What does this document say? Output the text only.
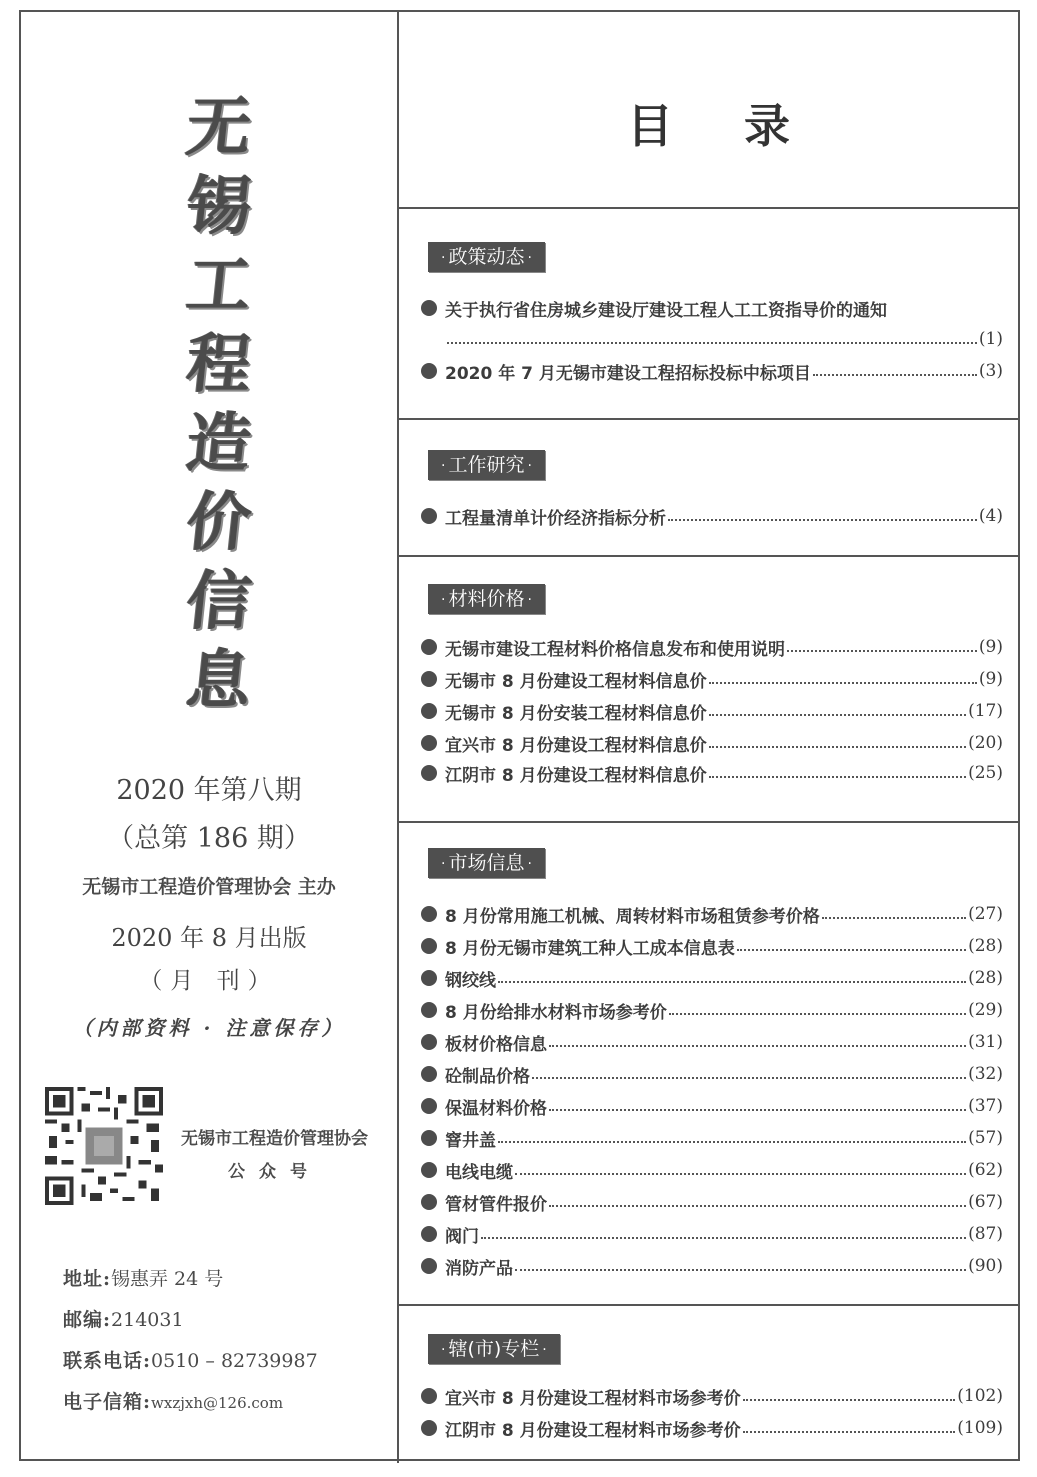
无
锡
工
程
造
价
信
息
2020 年第八期
（总第 186 期）
无锡市工程造价管理协会 主办
2020 年 8 月出版
（月 刊）
（内部资料 · 注意保存）
无锡市工程造价管理协会
公众号
地址:锡惠弄 24 号
邮编:214031
联系电话:0510 – 82739987
电子信箱:wxzjxh@126.com
目 录
· 政策动态 ·
关于执行省住房城乡建设厅建设工程人工工资指导价的通知
(1)
2020 年 7 月无锡市建设工程招标投标中标项目	(3)
· 工作研究 ·
工程量清单计价经济指标分析	(4)
· 材料价格 ·
无锡市建设工程材料价格信息发布和使用说明	(9)
无锡市 8 月份建设工程材料信息价	(9)
无锡市 8 月份安装工程材料信息价	(17)
宜兴市 8 月份建设工程材料信息价	(20)
江阴市 8 月份建设工程材料信息价	(25)
· 市场信息 ·
8 月份常用施工机械、周转材料市场租赁参考价格	(27)
8 月份无锡市建筑工种人工成本信息表	(28)
钢绞线	(28)
8 月份给排水材料市场参考价	(29)
板材价格信息	(31)
砼制品价格	(32)
保温材料价格	(37)
窨井盖	(57)
电线电缆	(62)
管材管件报价	(67)
阀门	(87)
消防产品	(90)
· 辖(市)专栏 ·
宜兴市 8 月份建设工程材料市场参考价	(102)
江阴市 8 月份建设工程材料市场参考价	(109)
